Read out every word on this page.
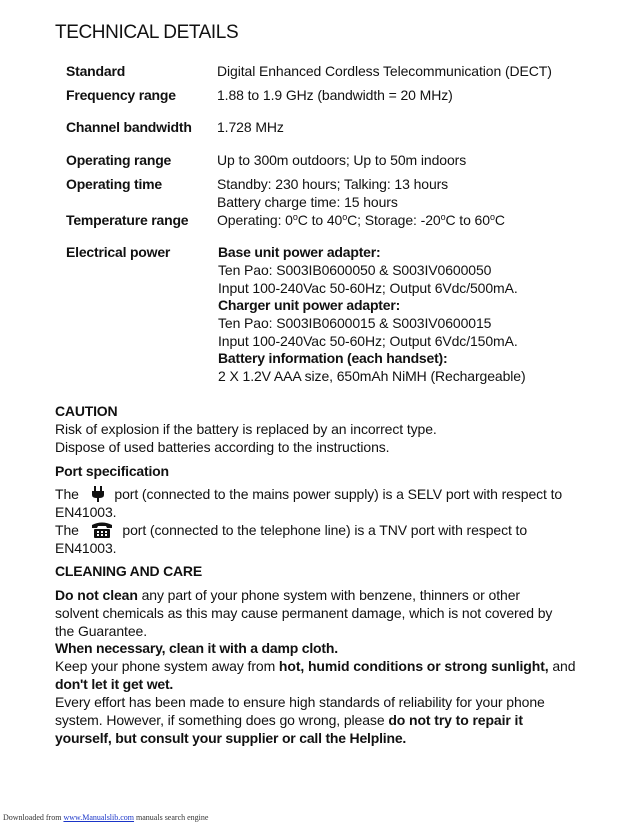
TECHNICAL DETAILS
Standard
Frequency range
Channel bandwidth
Operating range
Operating time
Temperature range
Electrical power
Digital Enhanced Cordless Telecommunication (DECT)
1.88 to 1.9 GHz (bandwidth = 20 MHz)
1.728 MHz
Up to 300m outdoors; Up to 50m indoors
Standby: 230 hours; Talking: 13 hours
Battery charge time: 15 hours
Operating: 0$^o$C to 40$^o$C; Storage: -20$^o$C to 60$^o$C
Base unit power adapter:
Ten Pao: S003IB0600050 & S003IV0600050
Input 100-240Vac 50-60Hz; Output 6Vdc/500mA.
Charger unit power adapter:
Ten Pao: S003IB0600015 & S003IV0600015
Input 100-240Vac 50-60Hz; Output 6Vdc/150mA.
Battery information (each handset):
2 X 1.2V AAA size, 650mAh NiMH (Rechargeable)
CAUTION
Risk of explosion if the battery is replaced by an incorrect type.
Dispose of used batteries according to the instructions.
Port specification
The	port (connected to the mains power supply) is a SELV port with respect to
EN41003.
The	port (connected to the telephone line) is a TNV port with respect to
EN41003.
CLEANING AND CARE
Do not clean any part of your phone system with benzene, thinners or other
solvent chemicals as this may cause permanent damage, which is not covered by
the Guarantee.
When necessary, clean it with a damp cloth.
Keep your phone system away from hot, humid conditions or strong sunlight, and
don't let it get wet.
Every effort has been made to ensure high standards of reliability for your phone
system. However, if something does go wrong, please do not try to repair it
yourself, but consult your supplier or call the Helpline.
Downloaded from www.Manualslib.com manuals search engine
